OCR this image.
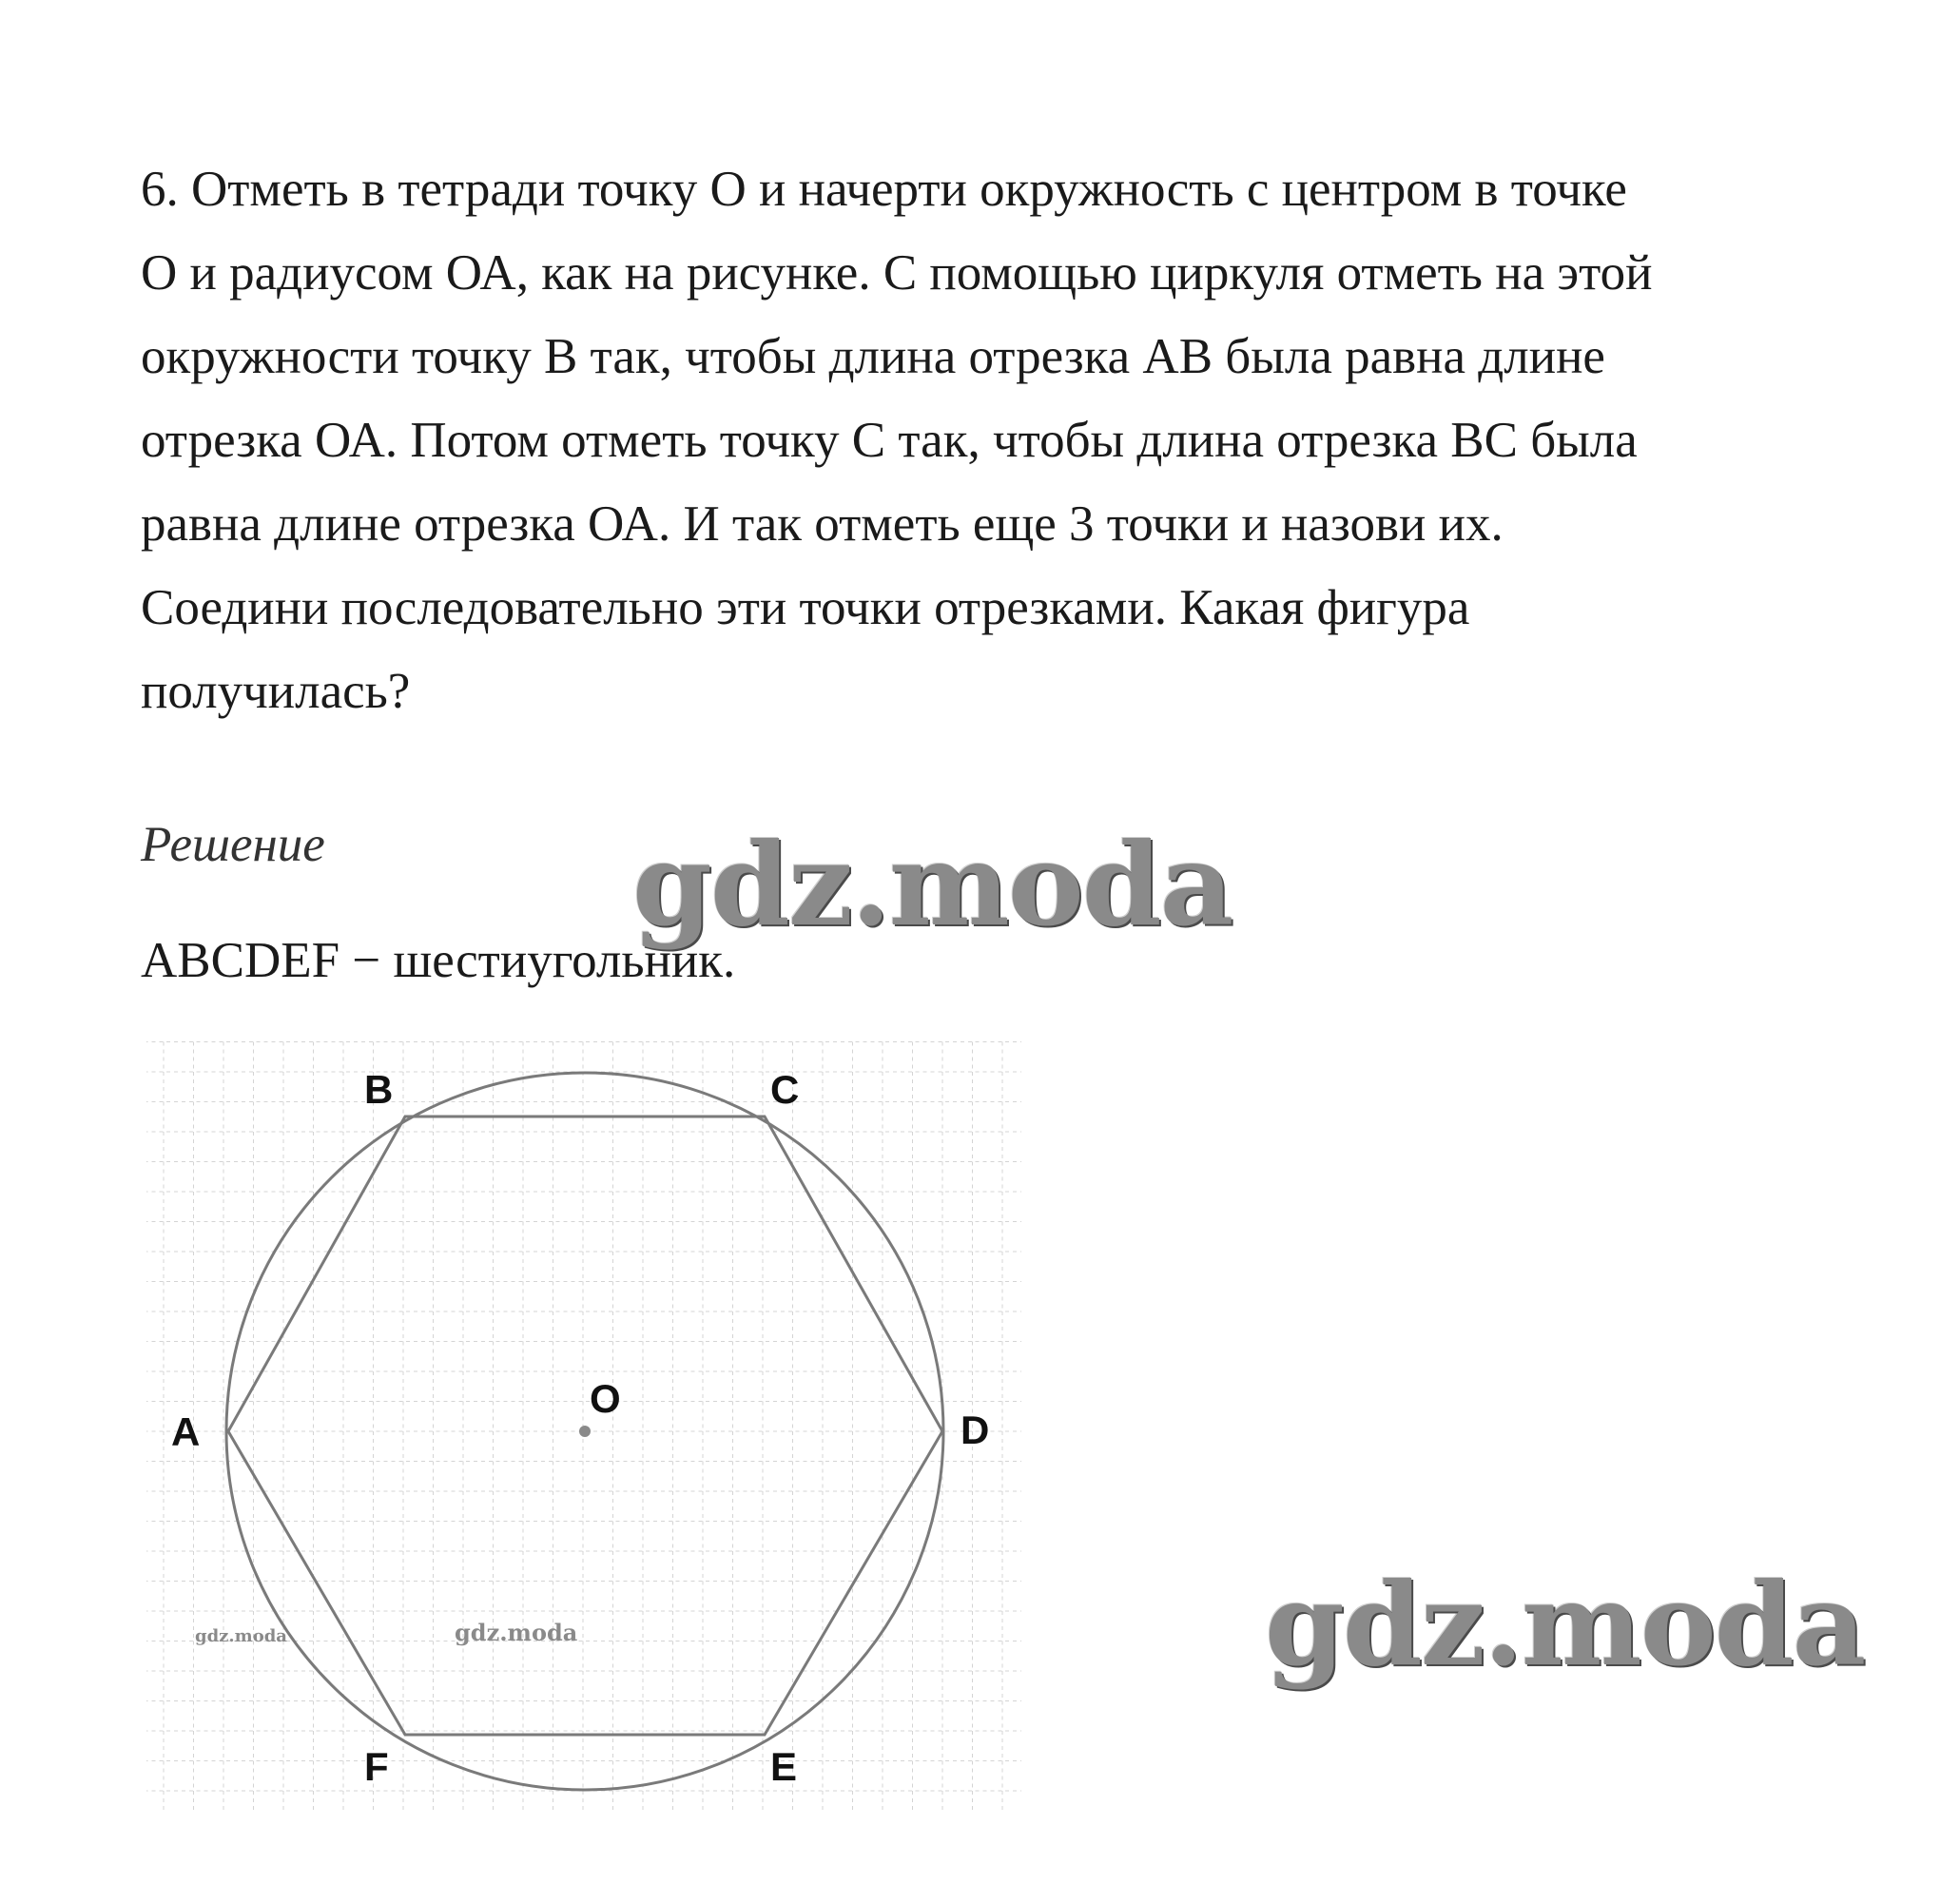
6. Отметь в тетради точку О и начерти окружность с центром в точке
О и радиусом ОА, как на рисунке. С помощью циркуля отметь на этой
окружности точку В так, чтобы длина отрезка АВ была равна длине
отрезка ОА. Потом отметь точку С так, чтобы длина отрезка ВС была
равна длине отрезка ОА. И так отметь еще 3 точки и назови их.
Соедини последовательно эти точки отрезками. Какая фигура
получилась?

Решение

ABCDEF − шестиугольник.

A
B	C
D
E
F
O
gdz.moda	gdz.moda
gdz.moda
gdz.moda
